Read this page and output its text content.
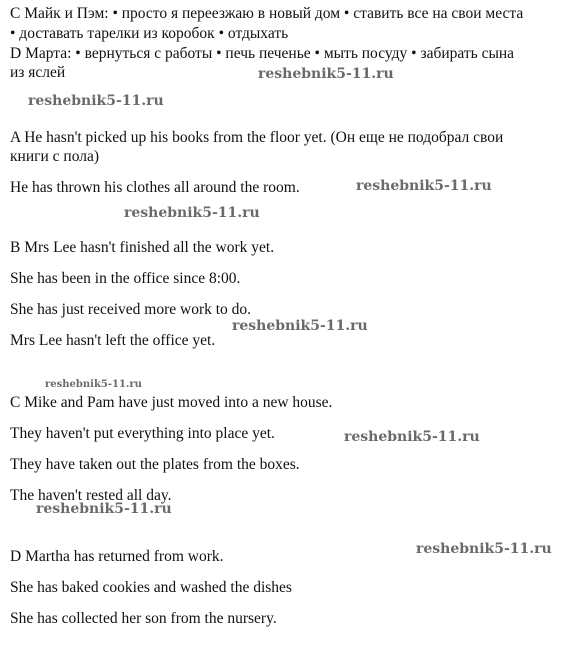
С Майк и Пэм: • просто я переезжаю в новый дом • ставить все на свои места
• доставать тарелки из коробок • отдыхать
D Марта: • вернуться с работы • печь печенье • мыть посуду • забирать сына
из яслей
A He hasn't picked up his books from the floor yet. (Он еще не подобрал свои
книги с пола)
He has thrown his clothes all around the room.
B Mrs Lee hasn't finished all the work yet.
She has been in the office since 8:00.
She has just received more work to do.
Mrs Lee hasn't left the office yet.
C Mike and Pam have just moved into a new house.
They haven't put everything into place yet.
They have taken out the plates from the boxes.
The haven't rested all day.
D Martha has returned from work.
She has baked cookies and washed the dishes
She has collected her son from the nursery.
reshebnik5-11.ru
reshebnik5-11.ru
reshebnik5-11.ru
reshebnik5-11.ru
reshebnik5-11.ru
reshebnik5-11.ru
reshebnik5-11.ru
reshebnik5-11.ru
reshebnik5-11.ru
